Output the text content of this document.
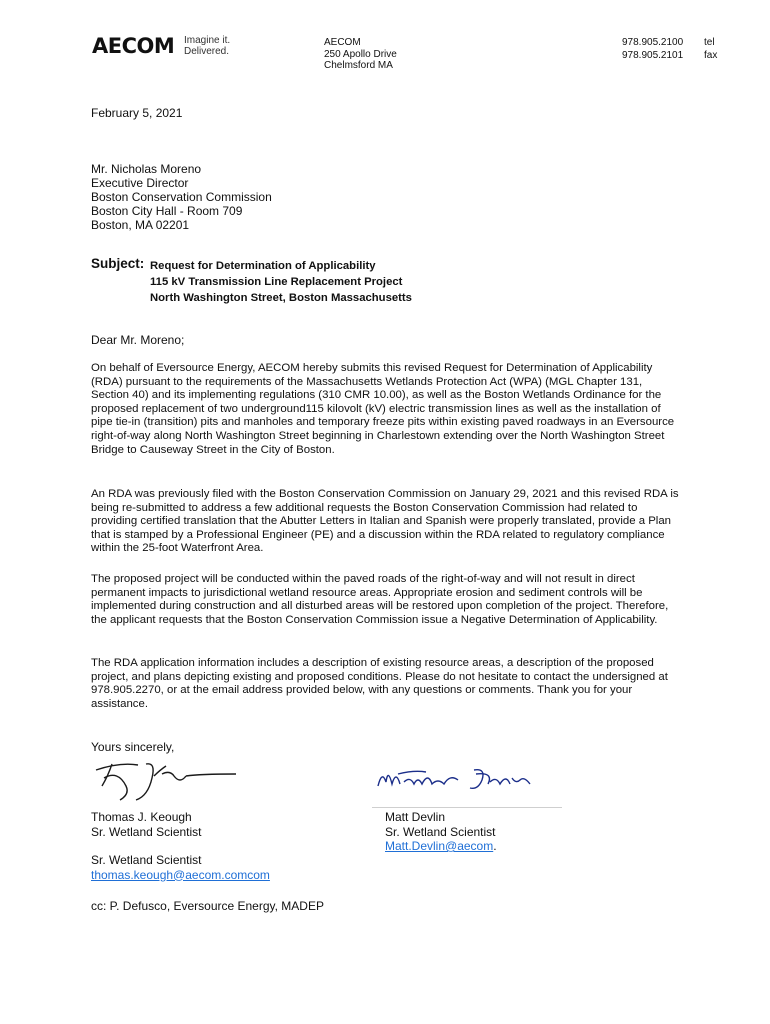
AECOM Imagine it.
Delivered.
AECOM
250 Apollo Drive
Chelmsford MA
978.905.2100	tel
978.905.2101	fax
February 5, 2021
Mr. Nicholas Moreno
Executive Director
Boston Conservation Commission
Boston City Hall - Room 709
Boston, MA 02201
Subject: Request for Determination of Applicability
115 kV Transmission Line Replacement Project
North Washington Street, Boston Massachusetts
Dear Mr. Moreno;

On behalf of Eversource Energy, AECOM hereby submits this revised Request for Determination of Applicability (RDA) pursuant to the requirements of the Massachusetts Wetlands Protection Act (WPA) (MGL Chapter 131, Section 40) and its implementing regulations (310 CMR 10.00), as well as the Boston Wetlands Ordinance for the proposed replacement of two underground115 kilovolt (kV) electric transmission lines as well as the installation of pipe tie-in (transition) pits and manholes and temporary freeze pits within existing paved roadways in an Eversource right-of-way along North Washington Street beginning in Charlestown extending over the North Washington Street Bridge to Causeway Street in the City of Boston.

An RDA was previously filed with the Boston Conservation Commission on January 29, 2021 and this revised RDA is being re-submitted to address a few additional requests the Boston Conservation Commission had related to providing certified translation that the Abutter Letters in Italian and Spanish were properly translated, provide a Plan that is stamped by a Professional Engineer (PE) and a discussion within the RDA related to regulatory compliance within the 25-foot Waterfront Area.

The proposed project will be conducted within the paved roads of the right-of-way and will not result in direct permanent impacts to jurisdictional wetland resource areas. Appropriate erosion and sediment controls will be implemented during construction and all disturbed areas will be restored upon completion of the project. Therefore, the applicant requests that the Boston Conservation Commission issue a Negative Determination of Applicability.

The RDA application information includes a description of existing resource areas, a description of the proposed project, and plans depicting existing and proposed conditions. Please do not hesitate to contact the undersigned at 978.905.2270, or at the email address provided below, with any questions or comments. Thank you for your assistance.

Yours sincerely,
Thomas J. Keough
Sr. Wetland Scientist
Sr. Wetland Scientist
thomas.keough@aecom.comcom
Matt Devlin
Sr. Wetland Scientist
Matt.Devlin@aecom.
cc: P. Defusco, Eversource Energy, MADEP
